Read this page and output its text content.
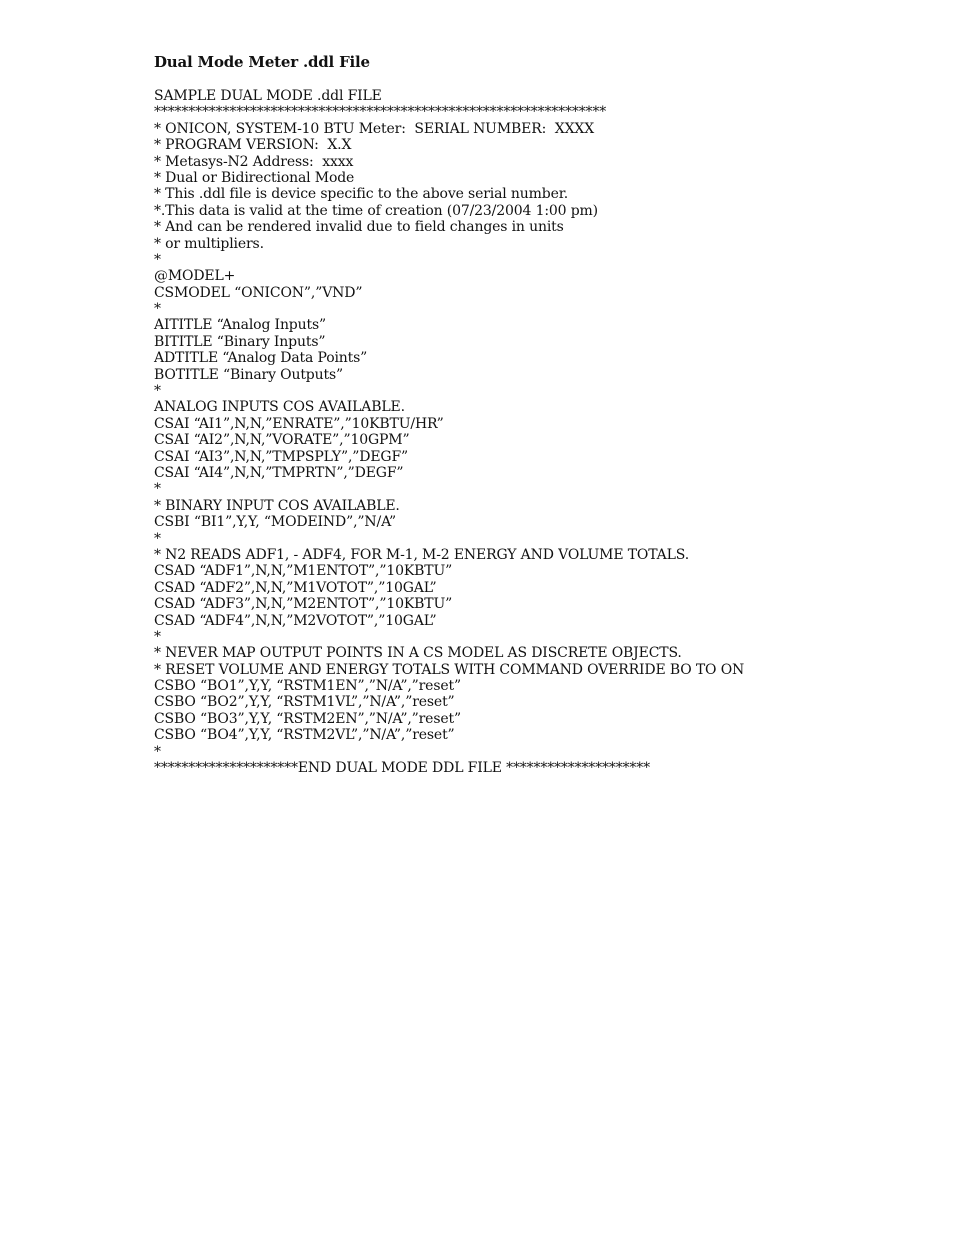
Dual Mode Meter .ddl File
SAMPLE DUAL MODE .ddl FILE
******************************************************************
* ONICON, SYSTEM-10 BTU Meter:  SERIAL NUMBER:  XXXX
* PROGRAM VERSION:  X.X
* Metasys-N2 Address:  xxxx
* Dual or Bidirectional Mode
* This .ddl file is device specific to the above serial number.
*.This data is valid at the time of creation (07/23/2004 1:00 pm)
* And can be rendered invalid due to field changes in units
* or multipliers.
*
@MODEL+
CSMODEL “ONICON”,”VND”
*
AITITLE “Analog Inputs”
BITITLE “Binary Inputs”
ADTITLE “Analog Data Points”
BOTITLE “Binary Outputs”
*
ANALOG INPUTS COS AVAILABLE.
CSAI “AI1”,N,N,”ENRATE”,”10KBTU/HR”
CSAI “AI2”,N,N,”VORATE”,”10GPM”
CSAI “AI3”,N,N,”TMPSPLY”,”DEGF”
CSAI “AI4”,N,N,”TMPRTN”,”DEGF”
*
* BINARY INPUT COS AVAILABLE.
CSBI “BI1”,Y,Y, “MODEIND”,”N/A”
*
* N2 READS ADF1, - ADF4, FOR M-1, M-2 ENERGY AND VOLUME TOTALS.
CSAD “ADF1”,N,N,”M1ENTOT”,”10KBTU”
CSAD “ADF2”,N,N,”M1VOTOT”,”10GAL”
CSAD “ADF3”,N,N,”M2ENTOT”,”10KBTU”
CSAD “ADF4”,N,N,”M2VOTOT”,”10GAL”
*
* NEVER MAP OUTPUT POINTS IN A CS MODEL AS DISCRETE OBJECTS.
* RESET VOLUME AND ENERGY TOTALS WITH COMMAND OVERRIDE BO TO ON
CSBO “BO1”,Y,Y, “RSTM1EN”,”N/A”,”reset”
CSBO “BO2”,Y,Y, “RSTM1VL”,”N/A”,”reset”
CSBO “BO3”,Y,Y, “RSTM2EN”,”N/A”,”reset”
CSBO “BO4”,Y,Y, “RSTM2VL”,”N/A”,”reset”
*
*********************END DUAL MODE DDL FILE *********************
